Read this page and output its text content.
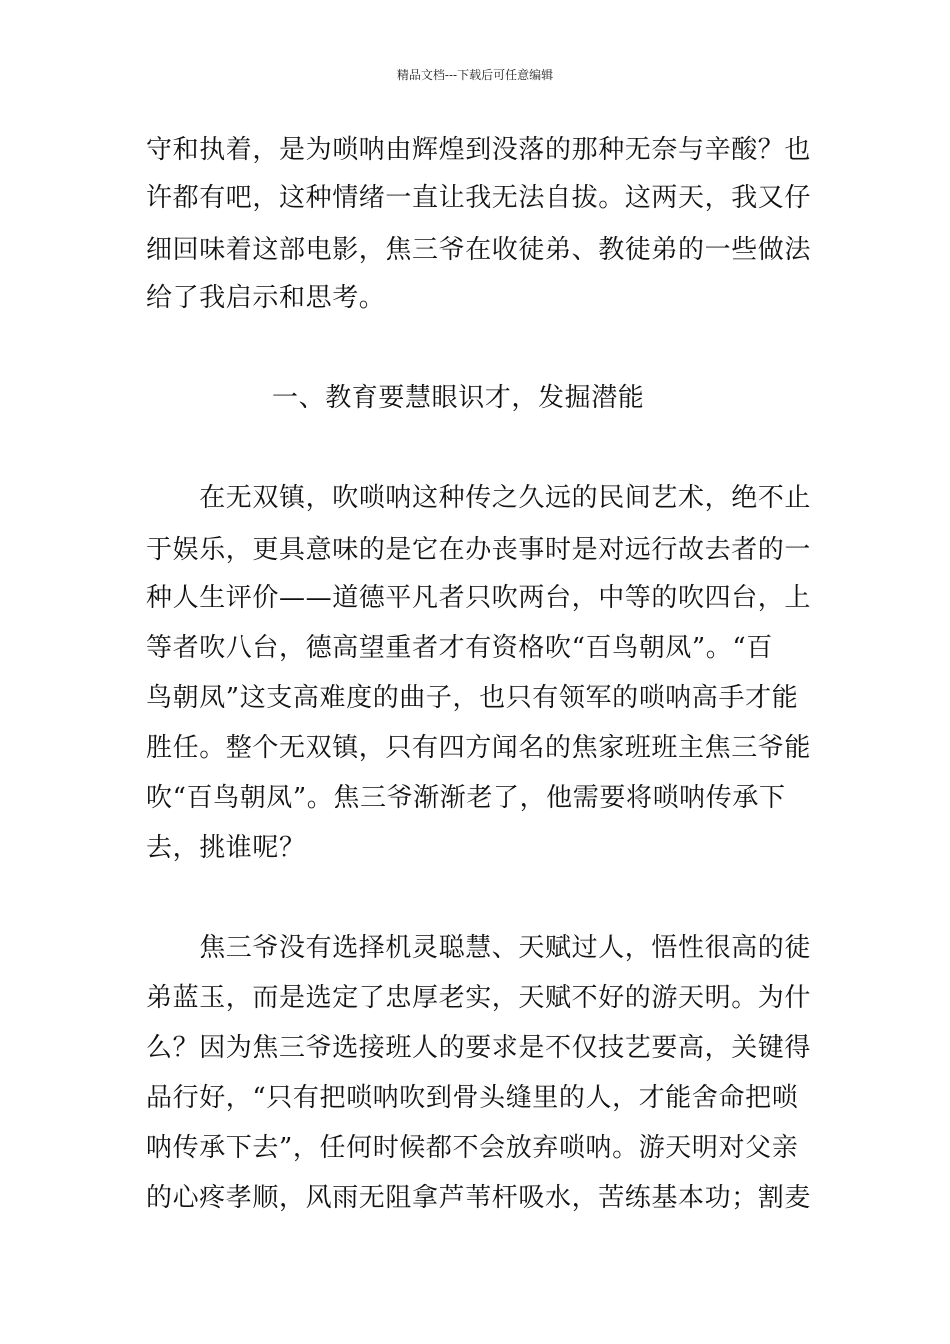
精品文档---下载后可任意编辑
守和执着，是为唢呐由辉煌到没落的那种无奈与辛酸？也
许都有吧，这种情绪一直让我无法自拔。这两天，我又仔
细回味着这部电影，焦三爷在收徒弟、教徒弟的一些做法
给了我启示和思考。
一、教育要慧眼识才，发掘潜能
　　在无双镇，吹唢呐这种传之久远的民间艺术，绝不止
于娱乐，更具意味的是它在办丧事时是对远行故去者的一
种人生评价——道德平凡者只吹两台，中等的吹四台，上
等者吹八台，德高望重者才有资格吹“百鸟朝凤”。“百
鸟朝凤”这支高难度的曲子，也只有领军的唢呐高手才能
胜任。整个无双镇，只有四方闻名的焦家班班主焦三爷能
吹“百鸟朝凤”。焦三爷渐渐老了，他需要将唢呐传承下
去，挑谁呢？
　　焦三爷没有选择机灵聪慧、天赋过人，悟性很高的徒
弟蓝玉，而是选定了忠厚老实，天赋不好的游天明。为什
么？因为焦三爷选接班人的要求是不仅技艺要高，关键得
品行好，“只有把唢呐吹到骨头缝里的人，才能舍命把唢
呐传承下去”，任何时候都不会放弃唢呐。游天明对父亲
的心疼孝顺，风雨无阻拿芦苇杆吸水，苦练基本功；割麦
